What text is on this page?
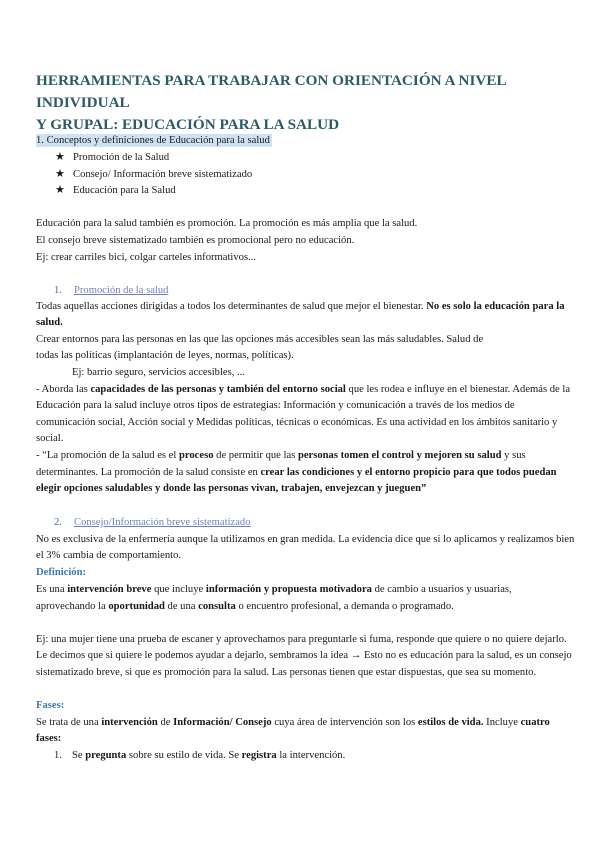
HERRAMIENTAS PARA TRABAJAR CON ORIENTACIÓN A NIVEL INDIVIDUAL
Y GRUPAL: EDUCACIÓN PARA LA SALUD
1. Conceptos y definiciones de Educación para la salud
★ Promoción de la Salud
★ Consejo/ Información breve sistematizado
★ Educación para la Salud
Educación para la salud también es promoción. La promoción es más amplia que la salud.
El consejo breve sistematizado también es promocional pero no educación.
Ej: crear carriles bici, colgar carteles informativos...
1. Promoción de la salud
Todas aquellas acciones dirigidas a todos los determinantes de salud que mejor el bienestar. No es solo la educación para la
salud.
Crear entornos para las personas en las que las opciones más accesibles sean las más saludables. Salud de
todas las políticas (implantación de leyes, normas, políticas).
Ej: barrio seguro, servicios accesibles, ...
- Aborda las capacidades de las personas y también del entorno social que les rodea e influye en el bienestar. Además de la
Educación para la salud incluye otros tipos de estrategias: Información y comunicación a través de los medios de
comunicación social, Acción social y Medidas políticas, técnicas o económicas. Es una actividad en los ámbitos sanitario y
social.
- “La promoción de la salud es el proceso de permitir que las personas tomen el control y mejoren su salud y sus
determinantes. La promoción de la salud consiste en crear las condiciones y el entorno propicio para que todos puedan
elegir opciones saludables y donde las personas vivan, trabajen, envejezcan y jueguen”
2. Consejo/Información breve sistematizado
No es exclusiva de la enfermería aunque la utilizamos en gran medida. La evidencia dice que si lo aplicamos y realizamos bien
el 3% cambia de comportamiento.
Definición:
Es una intervención breve que incluye información y propuesta motivadora de cambio a usuarios y usuarias,
aprovechando la oportunidad de una consulta o encuentro profesional, a demanda o programado.
Ej: una mujer tiene una prueba de escaner y aprovechamos para preguntarle si fuma, responde que quiere o no quiere dejarlo.
Le decimos que si quiere le podemos ayudar a dejarlo, sembramos la idea → Esto no es educación para la salud, es un consejo
sistematizado breve, si que es promoción para la salud. Las personas tienen que estar dispuestas, que sea su momento.
Fases:
Se trata de una intervención de Información/ Consejo cuya área de intervención son los estilos de vida. Incluye cuatro
fases:
1. Se pregunta sobre su estilo de vida. Se registra la intervención.
